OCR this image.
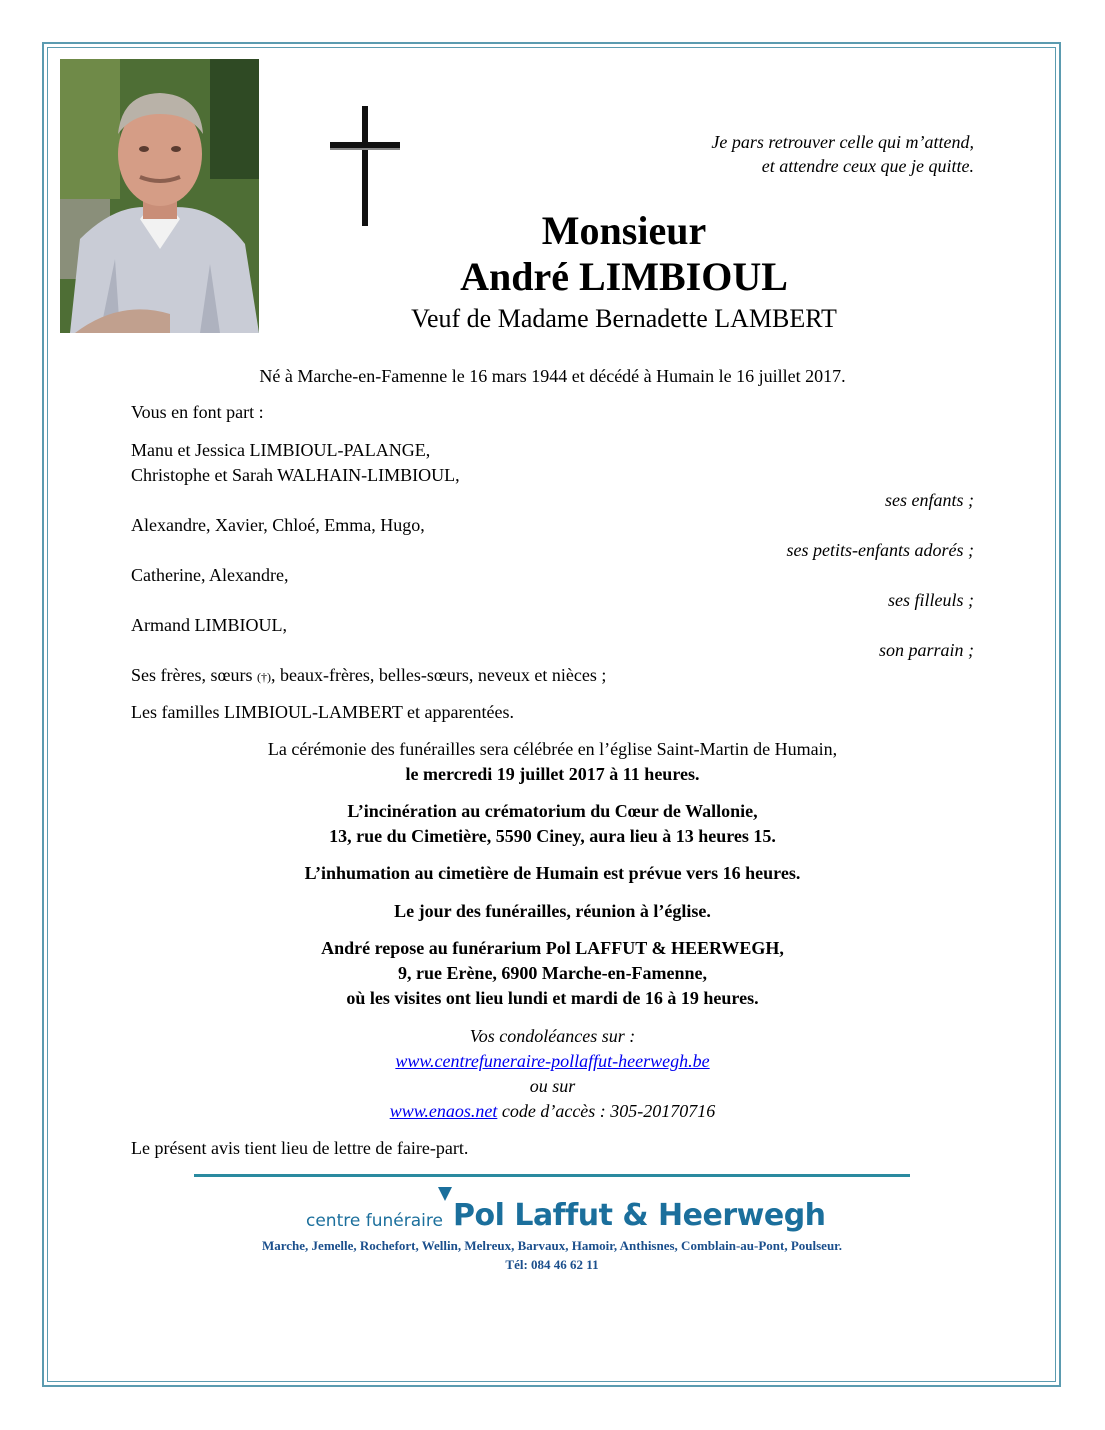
Je pars retrouver celle qui m’attend,
et attendre ceux que je quitte.
Monsieur
André LIMBIOUL
Veuf de Madame Bernadette LAMBERT
Né à Marche-en-Famenne le 16 mars 1944 et décédé à Humain le 16 juillet 2017.
Vous en font part :
Manu et Jessica LIMBIOUL-PALANGE,
Christophe et Sarah WALHAIN-LIMBIOUL,
ses enfants ;
Alexandre, Xavier, Chloé, Emma, Hugo,
ses petits-enfants adorés ;
Catherine, Alexandre,
ses filleuls ;
Armand LIMBIOUL,
son parrain ;
Ses frères, sœurs (†), beaux-frères, belles-sœurs, neveux et nièces ;
Les familles LIMBIOUL-LAMBERT et apparentées.
La cérémonie des funérailles sera célébrée en l’église Saint-Martin de Humain,
le mercredi 19 juillet 2017 à 11 heures.
L’incinération au crématorium du Cœur de Wallonie,
13, rue du Cimetière, 5590 Ciney, aura lieu à 13 heures 15.
L’inhumation au cimetière de Humain est prévue vers 16 heures.
Le jour des funérailles, réunion à l’église.
André repose au funérarium Pol LAFFUT & HEERWEGH,
9, rue Erène, 6900 Marche-en-Famenne,
où les visites ont lieu lundi et mardi de 16 à 19 heures.
Vos condoléances sur :
www.centrefuneraire-pollaffut-heerwegh.be
ou sur
www.enaos.net code d’accès : 305-20170716
Le présent avis tient lieu de lettre de faire-part.
centre funéraire Pol Laffut & Heerwegh
Marche, Jemelle, Rochefort, Wellin, Melreux, Barvaux, Hamoir, Anthisnes, Comblain-au-Pont, Poulseur.
Tél: 084 46 62 11
